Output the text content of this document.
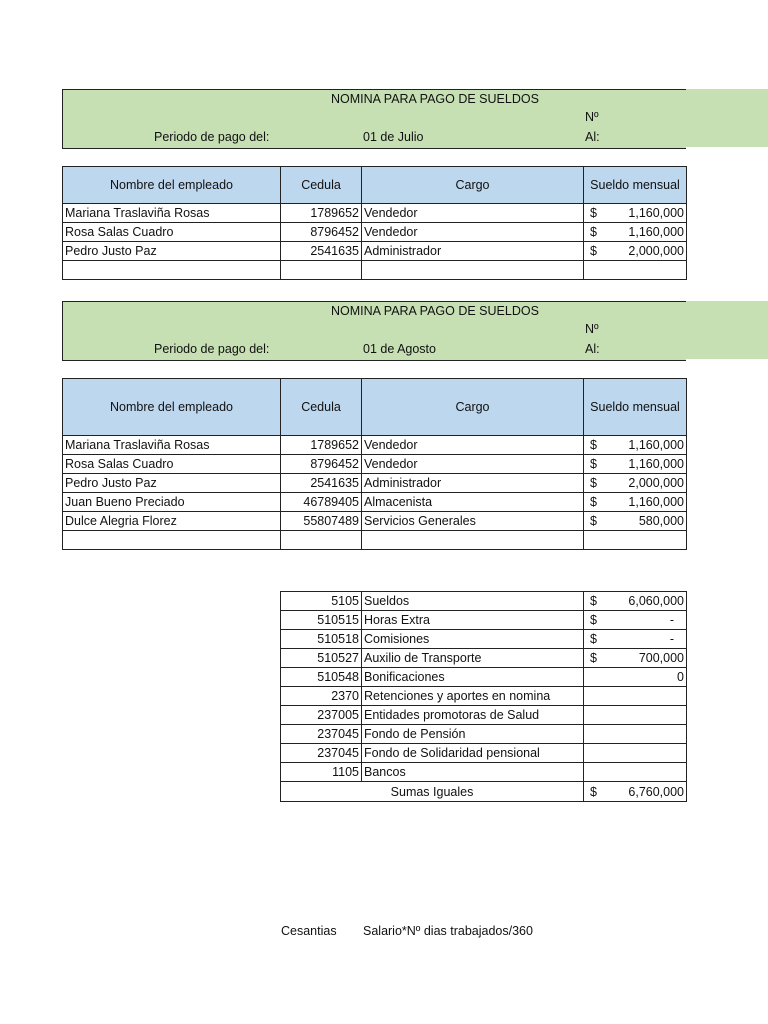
NOMINA PARA PAGO DE SUELDOS
Nº
Periodo de pago del:	01 de Julio	Al:
Nombre del empleado	Cedula	Cargo	Sueldo mensual
Mariana Traslaviña Rosas	1789652	Vendedor	$ 1,160,000

Rosa Salas Cuadro	8796452	Vendedor	$ 1,160,000

Pedro Justo Paz	2541635	Administrador	$ 2,000,000

NOMINA PARA PAGO DE SUELDOS
Nº
Periodo de pago del:	01 de Agosto	Al:
Nombre del empleado	Cedula	Cargo	Sueldo mensual
Mariana Traslaviña Rosas	1789652	Vendedor	$ 1,160,000

Rosa Salas Cuadro	8796452	Vendedor	$ 1,160,000

Pedro Justo Paz	2541635	Administrador	$ 2,000,000

Juan Bueno Preciado	46789405	Almacenista	$ 1,160,000

Dulce Alegria Florez	55807489	Servicios Generales	$ 580,000

5105	Sueldos	$ 6,060,000

510515	Horas Extra	$ -

510518	Comisiones	$ -

510527	Auxilio de Transporte	$ 700,000

510548	Bonificaciones	0

2370	Retenciones y aportes en nomina	

237005	Entidades promotoras de Salud	

237045	Fondo de Pensión	

237045	Fondo de Solidaridad pensional	

1105	Bancos	

Sumas Iguales		$ 6,760,000
Cesantias Salario*Nº dias trabajados/360
